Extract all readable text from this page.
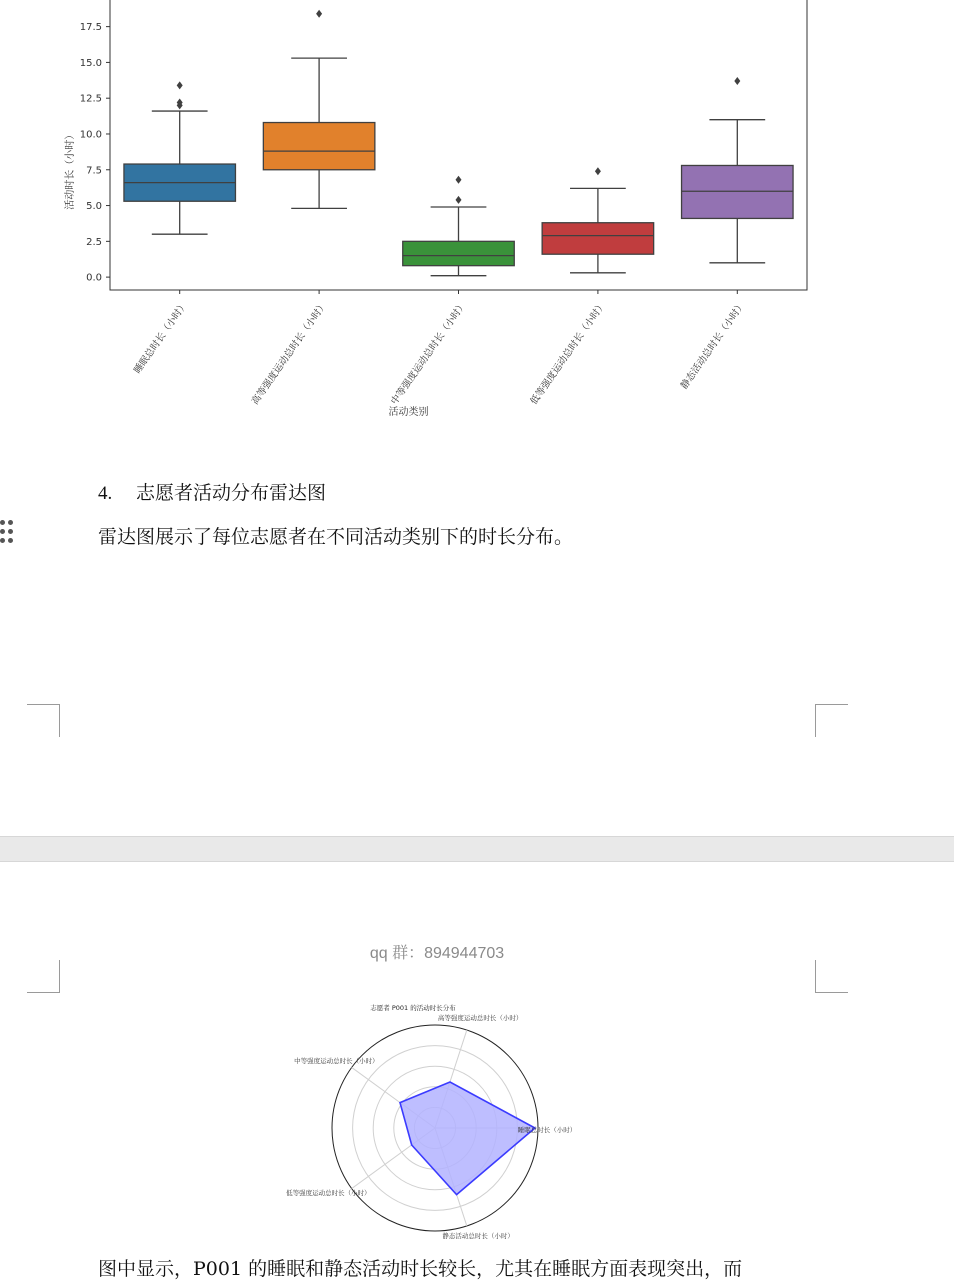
0.0
2.5
5.0
7.5
10.0
12.5
15.0
17.5
活动时长（小时）
睡眠总时长（小时）	高等强度运动总时长（小时）	中等强度运动总时长（小时）	低等强度运动总时长（小时）	静态活动总时长（小时）
活动类别
4. 志愿者活动分布雷达图
雷达图展示了每位志愿者在不同活动类别下的时长分布。
qq 群：894944703
睡眠总时长（小时）
高等强度运动总时长（小时）
中等强度运动总时长（小时）
低等强度运动总时长（小时）
静态活动总时长（小时）
志愿者 P001 的活动时长分布
图中显示，P001 的睡眠和静态活动时长较长，尤其在睡眠方面表现突出，而
